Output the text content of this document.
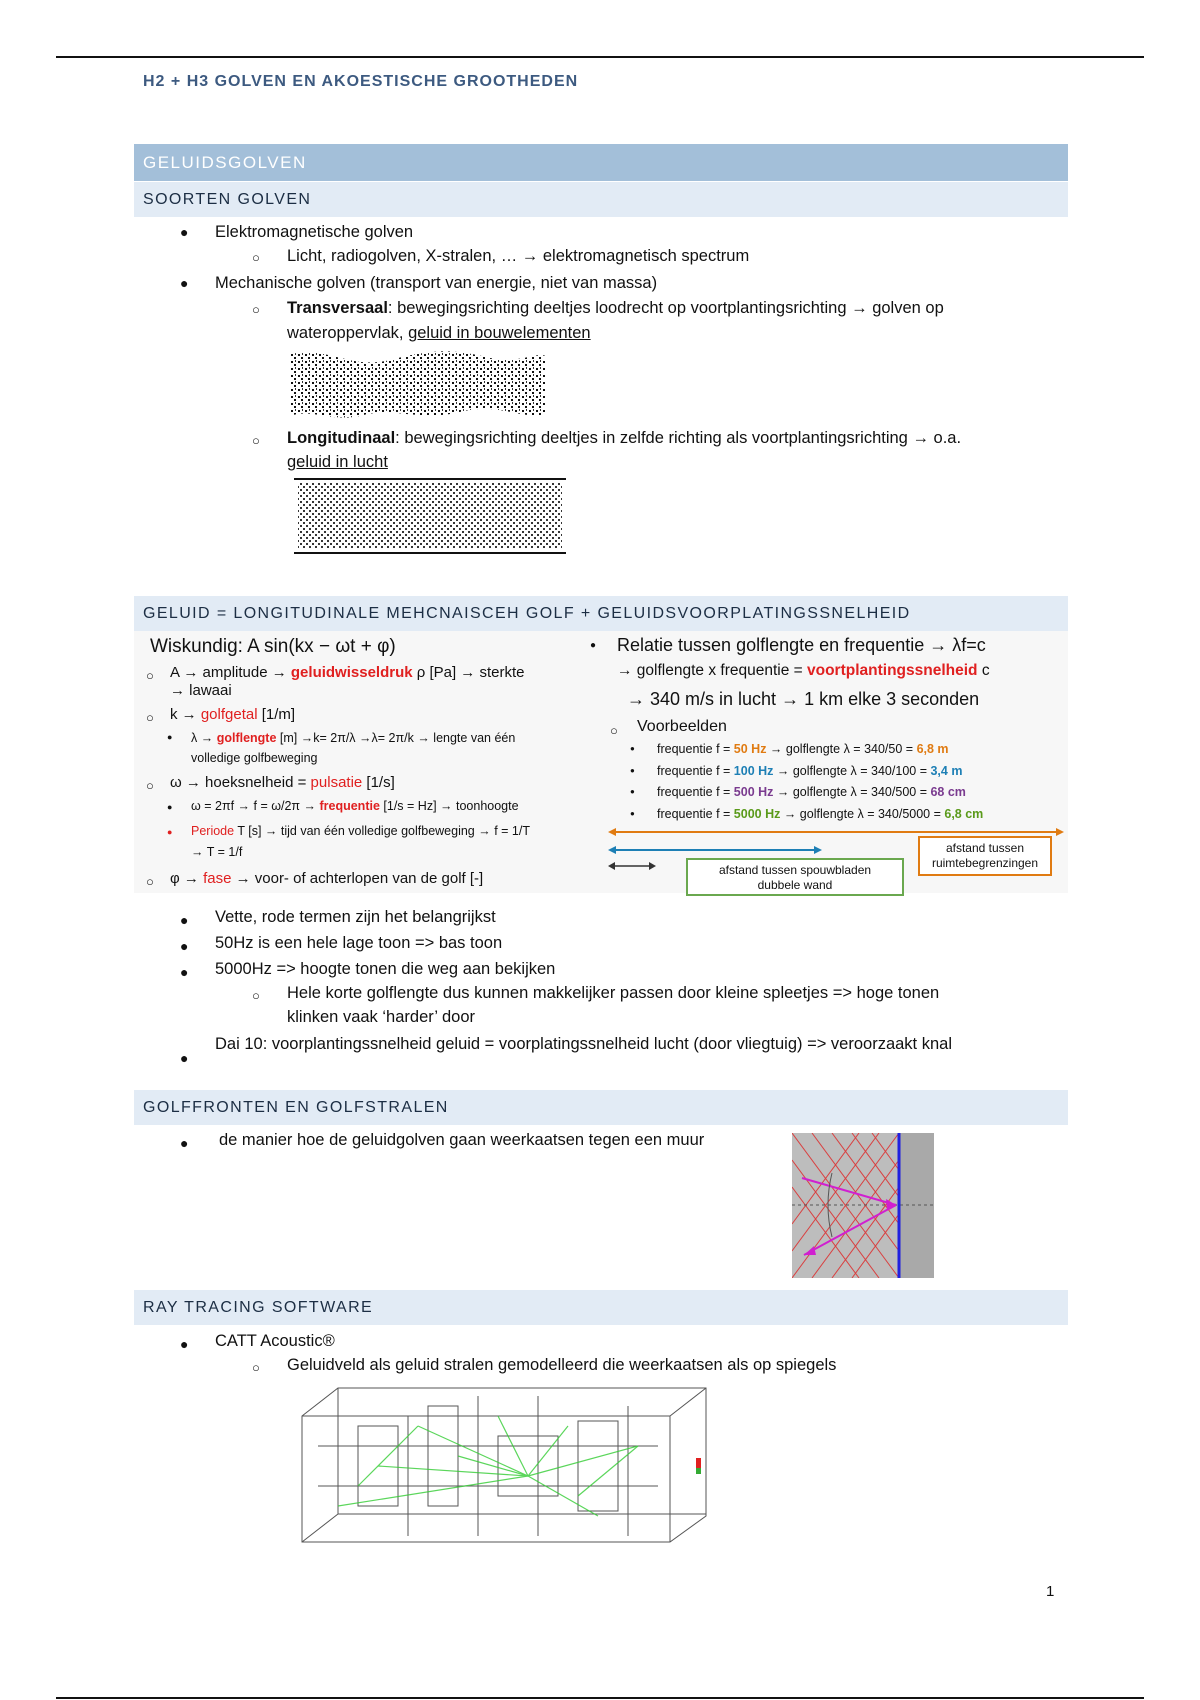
H2 + H3 GOLVEN EN AKOESTISCHE GROOTHEDEN
GELUIDSGOLVEN
SOORTEN GOLVEN
● Elektromagnetische golven
○ Licht, radiogolven, X-stralen, … → elektromagnetisch spectrum
● Mechanische golven (transport van energie, niet van massa)
○ Transversaal: bewegingsrichting deeltjes loodrecht op voortplantingsrichting → golven op
wateroppervlak, geluid in bouwelementen
○ Longitudinaal: bewegingsrichting deeltjes in zelfde richting als voortplantingsrichting → o.a.
geluid in lucht
GELUID = LONGITUDINALE MEHCNAISCEH GOLF + GELUIDSVOORPLATINGSSNELHEID
Wiskundig: A sin(kx − ωt + φ)
○ A → amplitude → geluidwisseldruk ρ [Pa] → sterkte
→ lawaai
○ k → golfgetal [1/m]
● λ → golflengte [m] →k= 2π/λ →λ= 2π/k → lengte van één
volledige golfbeweging
○ ω → hoeksnelheid = pulsatie [1/s]
● ω = 2πf → f = ω/2π → frequentie [1/s = Hz] → toonhoogte
● Periode T [s] → tijd van één volledige golfbeweging → f = 1/T
→ T = 1/f
○ φ → fase → voor- of achterlopen van de golf [-]
● Relatie tussen golflengte en frequentie → λf=c
→ golflengte x frequentie = voortplantingssnelheid c
→ 340 m/s in lucht → 1 km elke 3 seconden
○ Voorbeelden
● frequentie f = 50 Hz → golflengte λ = 340/50 = 6,8 m
● frequentie f = 100 Hz → golflengte λ = 340/100 = 3,4 m
● frequentie f = 500 Hz → golflengte λ = 340/500 = 68 cm
● frequentie f = 5000 Hz → golflengte λ = 340/5000 = 6,8 cm
afstand tussen spouwbladen dubbele wand
afstand tussen ruimtebegrenzingen
● Vette, rode termen zijn het belangrijkst
● 50Hz is een hele lage toon => bas toon
● 5000Hz => hoogte tonen die weg aan bekijken
○ Hele korte golflengte dus kunnen makkelijker passen door kleine spleetjes => hoge tonen
klinken vaak ‘harder’ door
●
Dai 10: voorplantingssnelheid geluid = voorplatingssnelheid lucht (door vliegtuig) => veroorzaakt knal
GOLFFRONTEN EN GOLFSTRALEN
● de manier hoe de geluidgolven gaan weerkaatsen tegen een muur
RAY TRACING SOFTWARE
● CATT Acoustic®
○ Geluidveld als geluid stralen gemodelleerd die weerkaatsen als op spiegels
1
